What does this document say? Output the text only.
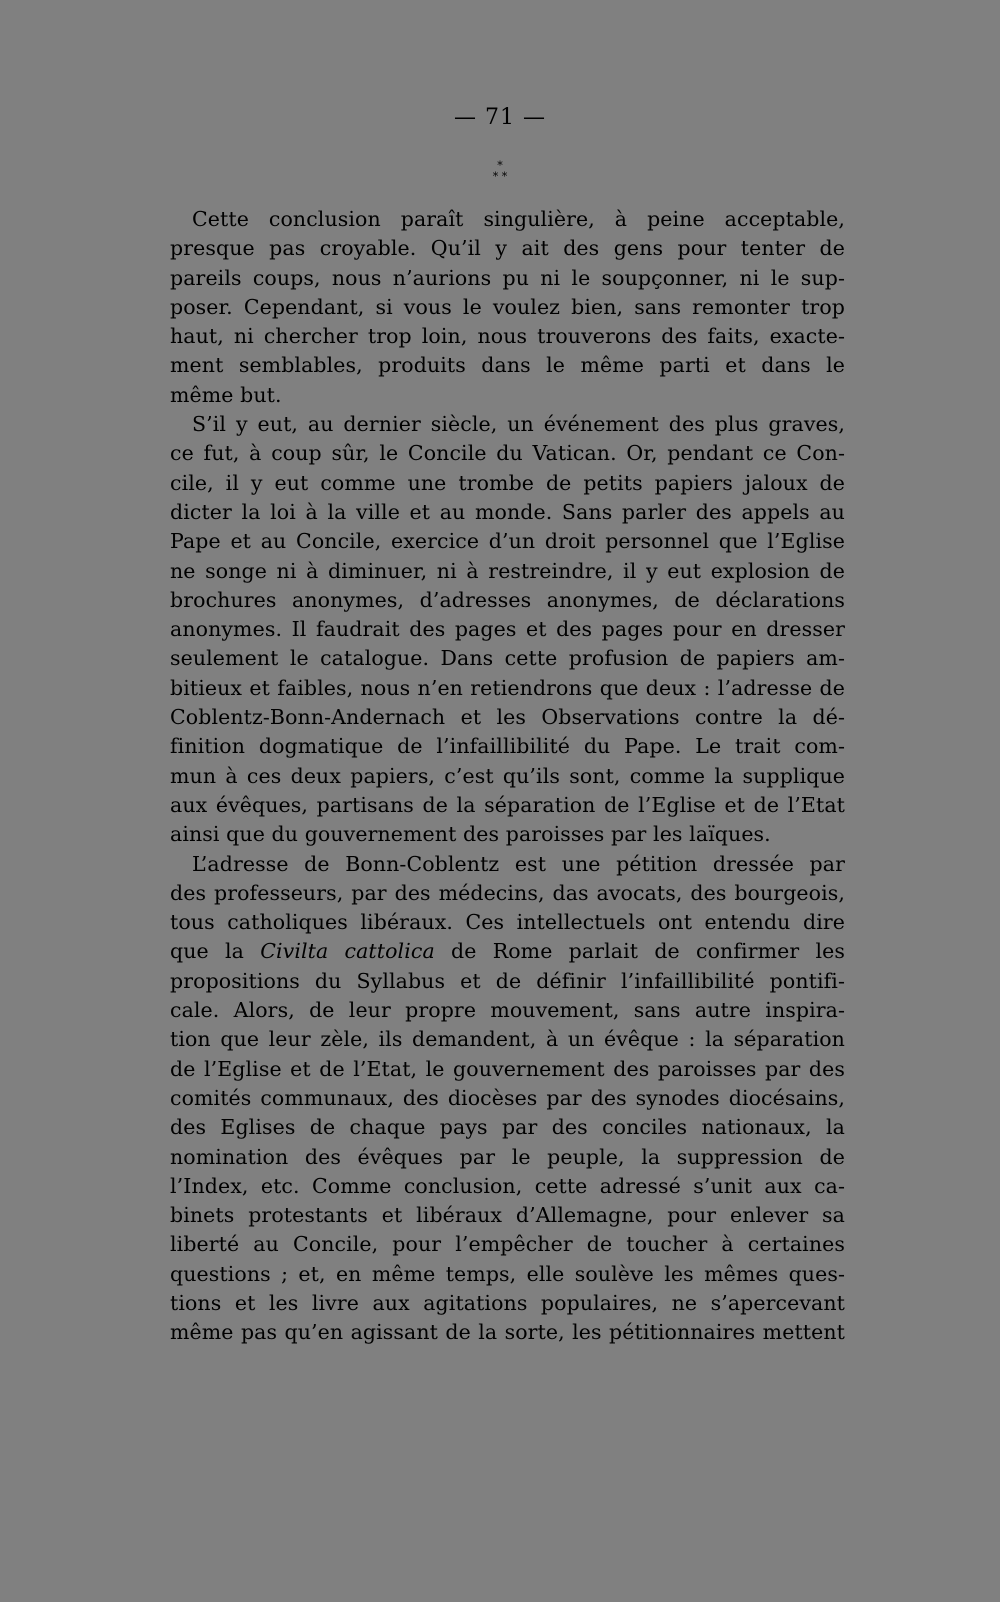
— 71 —
*
* *
Cette conclusion paraît singulière, à peine acceptable,
presque pas croyable. Qu’il y ait des gens pour tenter de
pareils coups, nous n’aurions pu ni le soupçonner, ni le sup-
poser. Cependant, si vous le voulez bien, sans remonter trop
haut, ni chercher trop loin, nous trouverons des faits, exacte-
ment semblables, produits dans le même parti et dans le
même but.
S’il y eut, au dernier siècle, un événement des plus graves,
ce fut, à coup sûr, le Concile du Vatican. Or, pendant ce Con-
cile, il y eut comme une trombe de petits papiers jaloux de
dicter la loi à la ville et au monde. Sans parler des appels au
Pape et au Concile, exercice d’un droit personnel que l’Eglise
ne songe ni à diminuer, ni à restreindre, il y eut explosion de
brochures anonymes, d’adresses anonymes, de déclarations
anonymes. Il faudrait des pages et des pages pour en dresser
seulement le catalogue. Dans cette profusion de papiers am-
bitieux et faibles, nous n’en retiendrons que deux : l’adresse de
Coblentz-Bonn-Andernach et les Observations contre la dé-
finition dogmatique de l’infaillibilité du Pape. Le trait com-
mun à ces deux papiers, c’est qu’ils sont, comme la supplique
aux évêques, partisans de la séparation de l’Eglise et de l’Etat
ainsi que du gouvernement des paroisses par les laïques.
L’adresse de Bonn-Coblentz est une pétition dressée par
des professeurs, par des médecins, das avocats, des bourgeois,
tous catholiques libéraux. Ces intellectuels ont entendu dire
que la Civilta cattolica de Rome parlait de confirmer les
propositions du Syllabus et de définir l’infaillibilité pontifi-
cale. Alors, de leur propre mouvement, sans autre inspira-
tion que leur zèle, ils demandent, à un évêque : la séparation
de l’Eglise et de l’Etat, le gouvernement des paroisses par des
comités communaux, des diocèses par des synodes diocésains,
des Eglises de chaque pays par des conciles nationaux, la
nomination des évêques par le peuple, la suppression de
l’Index, etc. Comme conclusion, cette adressé s’unit aux ca-
binets protestants et libéraux d’Allemagne, pour enlever sa
liberté au Concile, pour l’empêcher de toucher à certaines
questions ; et, en même temps, elle soulève les mêmes ques-
tions et les livre aux agitations populaires, ne s’apercevant
même pas qu’en agissant de la sorte, les pétitionnaires mettent
